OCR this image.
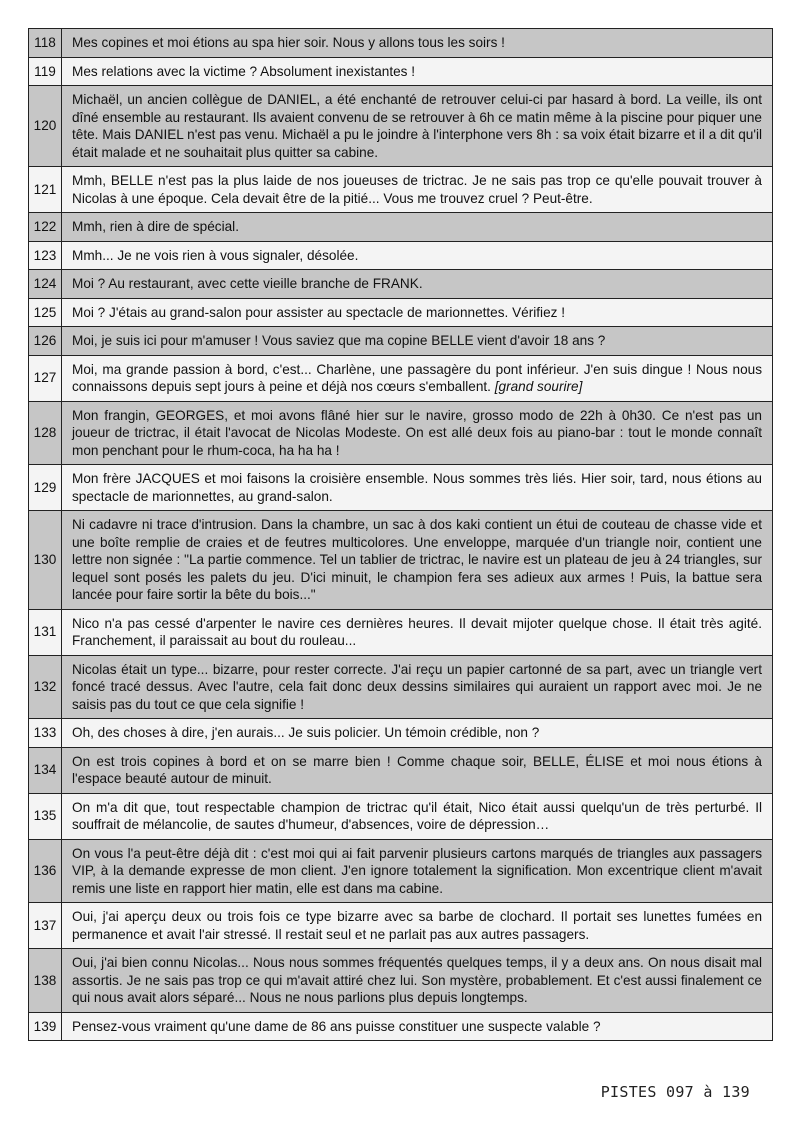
118	Mes copines et moi étions au spa hier soir. Nous y allons tous les soirs !
119	Mes relations avec la victime ? Absolument inexistantes !
120	Michaël, un ancien collègue de DANIEL, a été enchanté de retrouver celui-ci par hasard à bord. La veille, ils ont dîné ensemble au restaurant. Ils avaient convenu de se retrouver à 6h ce matin même à la piscine pour piquer une tête. Mais DANIEL n'est pas venu. Michaël a pu le joindre à l'interphone vers 8h : sa voix était bizarre et il a dit qu'il était malade et ne souhaitait plus quitter sa cabine.
121	Mmh, BELLE n'est pas la plus laide de nos joueuses de trictrac. Je ne sais pas trop ce qu'elle pouvait trouver à Nicolas à une époque. Cela devait être de la pitié... Vous me trouvez cruel ? Peut-être.
122	Mmh, rien à dire de spécial.
123	Mmh... Je ne vois rien à vous signaler, désolée.
124	Moi ? Au restaurant, avec cette vieille branche de FRANK.
125	Moi ? J'étais au grand-salon pour assister au spectacle de marionnettes. Vérifiez !
126	Moi, je suis ici pour m'amuser ! Vous saviez que ma copine BELLE vient d'avoir 18 ans ?
127	Moi, ma grande passion à bord, c'est... Charlène, une passagère du pont inférieur. J'en suis dingue ! Nous nous connaissons depuis sept jours à peine et déjà nos cœurs s'emballent. [grand sourire]
128	Mon frangin, GEORGES, et moi avons flâné hier sur le navire, grosso modo de 22h à 0h30. Ce n'est pas un joueur de trictrac, il était l'avocat de Nicolas Modeste. On est allé deux fois au piano-bar : tout le monde connaît mon penchant pour le rhum-coca, ha ha ha !
129	Mon frère JACQUES et moi faisons la croisière ensemble. Nous sommes très liés. Hier soir, tard, nous étions au spectacle de marionnettes, au grand-salon.
130	Ni cadavre ni trace d'intrusion. Dans la chambre, un sac à dos kaki contient un étui de couteau de chasse vide et une boîte remplie de craies et de feutres multicolores. Une enveloppe, marquée d'un triangle noir, contient une lettre non signée : "La partie commence. Tel un tablier de trictrac, le navire est un plateau de jeu à 24 triangles, sur lequel sont posés les palets du jeu. D'ici minuit, le champion fera ses adieux aux armes ! Puis, la battue sera lancée pour faire sortir la bête du bois..."
131	Nico n'a pas cessé d'arpenter le navire ces dernières heures. Il devait mijoter quelque chose. Il était très agité. Franchement, il paraissait au bout du rouleau...
132	Nicolas était un type... bizarre, pour rester correcte. J'ai reçu un papier cartonné de sa part, avec un triangle vert foncé tracé dessus. Avec l'autre, cela fait donc deux dessins similaires qui auraient un rapport avec moi. Je ne saisis pas du tout ce que cela signifie !
133	Oh, des choses à dire, j'en aurais... Je suis policier. Un témoin crédible, non ?
134	On est trois copines à bord et on se marre bien ! Comme chaque soir, BELLE, ÉLISE et moi nous étions à l'espace beauté autour de minuit.
135	On m'a dit que, tout respectable champion de trictrac qu'il était, Nico était aussi quelqu'un de très perturbé. Il souffrait de mélancolie, de sautes d'humeur, d'absences, voire de dépression…
136	On vous l'a peut-être déjà dit : c'est moi qui ai fait parvenir plusieurs cartons marqués de triangles aux passagers VIP, à la demande expresse de mon client. J'en ignore totalement la signification. Mon excentrique client m'avait remis une liste en rapport hier matin, elle est dans ma cabine.
137	Oui, j'ai aperçu deux ou trois fois ce type bizarre avec sa barbe de clochard. Il portait ses lunettes fumées en permanence et avait l'air stressé. Il restait seul et ne parlait pas aux autres passagers.
138	Oui, j'ai bien connu Nicolas... Nous nous sommes fréquentés quelques temps, il y a deux ans. On nous disait mal assortis. Je ne sais pas trop ce qui m'avait attiré chez lui. Son mystère, probablement. Et c'est aussi finalement ce qui nous avait alors séparé... Nous ne nous parlions plus depuis longtemps.
139	Pensez-vous vraiment qu'une dame de 86 ans puisse constituer une suspecte valable ?
PISTES 097 à 139
